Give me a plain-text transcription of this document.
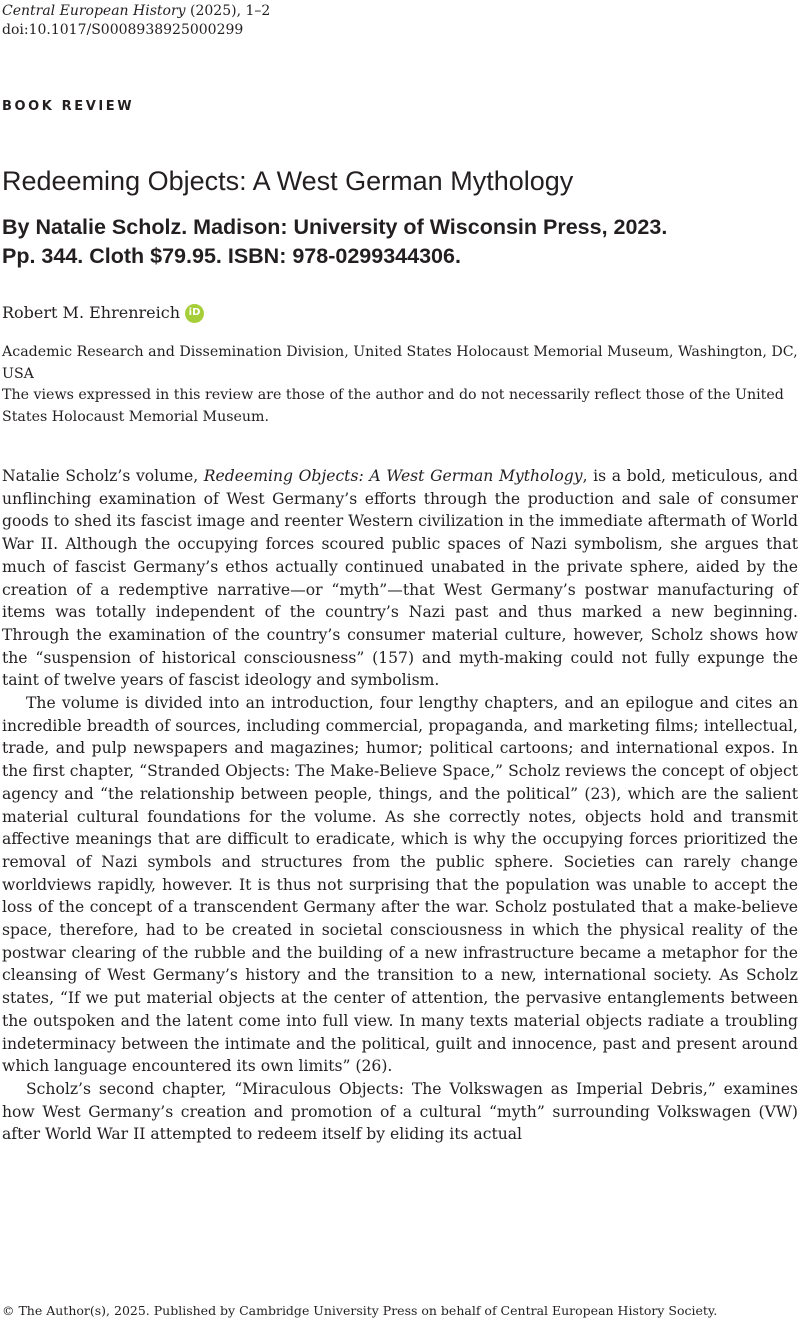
Central European History (2025), 1–2
doi:10.1017/S0008938925000299
BOOK REVIEW
Redeeming Objects: A West German Mythology
By Natalie Scholz. Madison: University of Wisconsin Press, 2023.
Pp. 344. Cloth $79.95. ISBN: 978-0299344306.
Robert M. Ehrenreich iD

Academic Research and Dissemination Division, United States Holocaust Memorial Museum, Washington, DC, USA

The views expressed in this review are those of the author and do not necessarily reflect those of the United States Holocaust Memorial Museum.

Natalie Scholz’s volume, Redeeming Objects: A West German Mythology, is a bold, meticulous, and unflinching examination of West Germany’s efforts through the production and sale of consumer goods to shed its fascist image and reenter Western civilization in the immediate aftermath of World War II. Although the occupying forces scoured public spaces of Nazi symbolism, she argues that much of fascist Germany’s ethos actually continued unabated in the private sphere, aided by the creation of a redemptive narrative—or “myth”—that West Germany’s postwar manufacturing of items was totally independent of the country’s Nazi past and thus marked a new beginning. Through the examination of the country’s consumer material culture, however, Scholz shows how the “suspension of historical consciousness” (157) and myth-making could not fully expunge the taint of twelve years of fascist ideology and symbolism.

The volume is divided into an introduction, four lengthy chapters, and an epilogue and cites an incredible breadth of sources, including commercial, propaganda, and marketing films; intellectual, trade, and pulp newspapers and magazines; humor; political cartoons; and international expos. In the first chapter, “Stranded Objects: The Make-Believe Space,” Scholz reviews the concept of object agency and “the relationship between people, things, and the political” (23), which are the salient material cultural foundations for the volume. As she correctly notes, objects hold and transmit affective meanings that are difficult to eradicate, which is why the occupying forces prioritized the removal of Nazi symbols and structures from the public sphere. Societies can rarely change worldviews rapidly, however. It is thus not surprising that the population was unable to accept the loss of the concept of a transcendent Germany after the war. Scholz postulated that a make-believe space, therefore, had to be created in societal consciousness in which the physical reality of the postwar clearing of the rubble and the building of a new infrastructure became a metaphor for the cleansing of West Germany’s history and the transition to a new, international society. As Scholz states, “If we put material objects at the center of attention, the pervasive entanglements between the outspoken and the latent come into full view. In many texts material objects radiate a troubling indeterminacy between the intimate and the political, guilt and innocence, past and present around which language encountered its own limits” (26).

Scholz’s second chapter, “Miraculous Objects: The Volkswagen as Imperial Debris,” examines how West Germany’s creation and promotion of a cultural “myth” surrounding Volkswagen (VW) after World War II attempted to redeem itself by eliding its actual

© The Author(s), 2025. Published by Cambridge University Press on behalf of Central European History Society.
